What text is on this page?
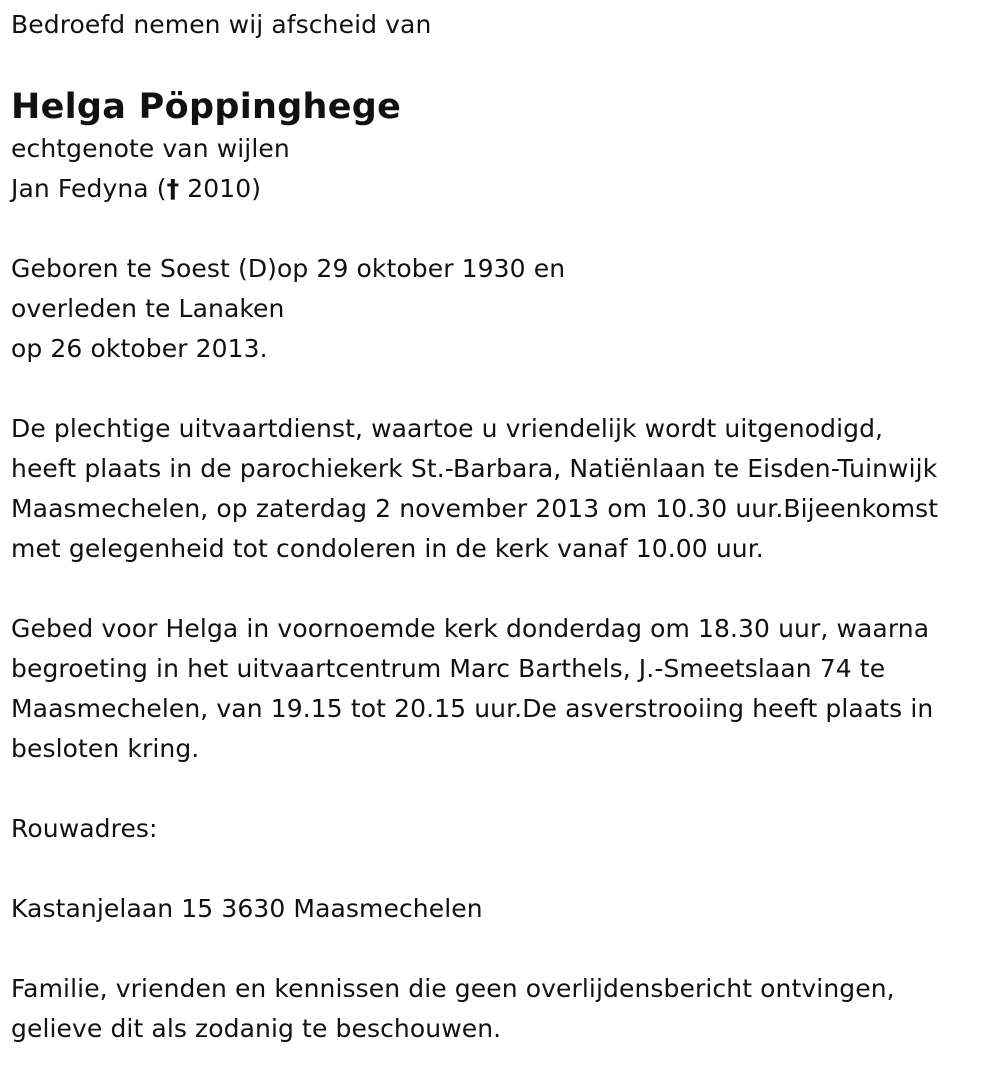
Bedroefd nemen wij afscheid van
Helga Pöppinghege
echtgenote van wijlen
Jan Fedyna († 2010)
Geboren te Soest (D)op 29 oktober 1930 en
overleden te Lanaken
op 26 oktober 2013.
De plechtige uitvaartdienst, waartoe u vriendelijk wordt uitgenodigd,
heeft plaats in de parochiekerk St.-Barbara, Natiënlaan te Eisden-Tuinwijk
Maasmechelen, op zaterdag 2 november 2013 om 10.30 uur.Bijeenkomst
met gelegenheid tot condoleren in de kerk vanaf 10.00 uur.
Gebed voor Helga in voornoemde kerk donderdag om 18.30 uur, waarna
begroeting in het uitvaartcentrum Marc Barthels, J.-Smeetslaan 74 te
Maasmechelen, van 19.15 tot 20.15 uur.De asverstrooiing heeft plaats in
besloten kring.
Rouwadres:
Kastanjelaan 15 3630 Maasmechelen
Familie, vrienden en kennissen die geen overlijdensbericht ontvingen,
gelieve dit als zodanig te beschouwen.
